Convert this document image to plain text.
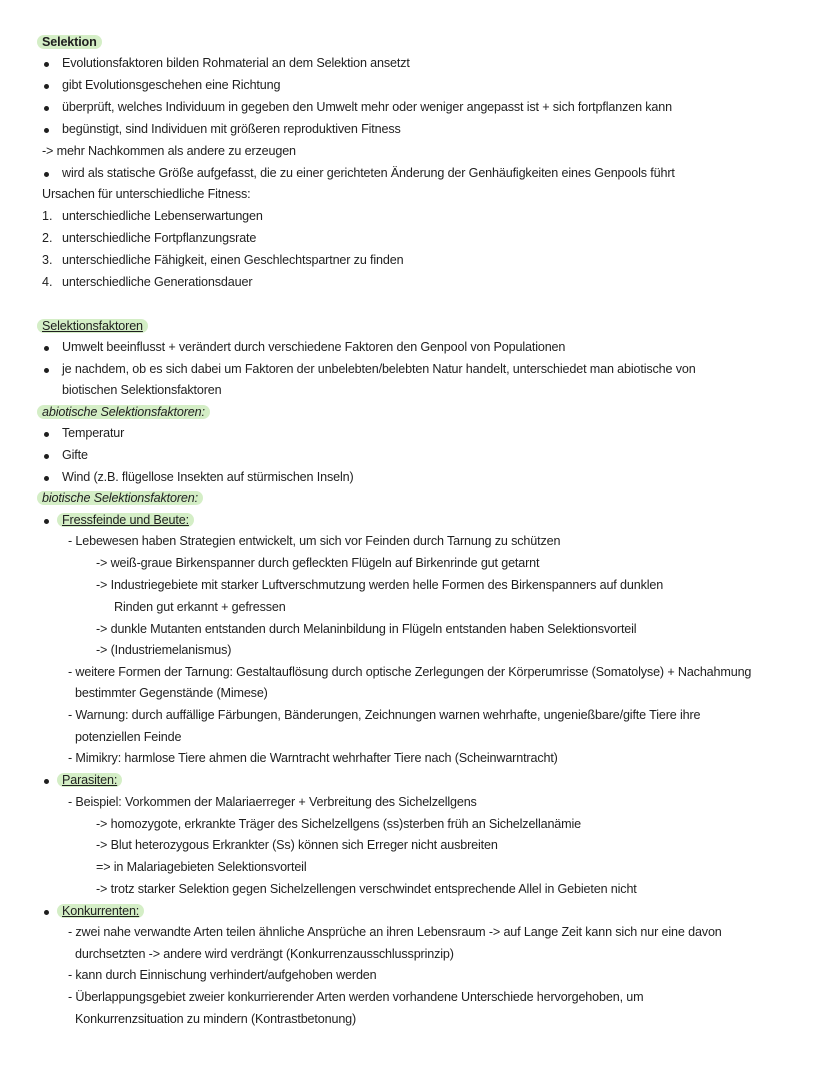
Selektion
Evolutionsfaktoren bilden Rohmaterial an dem Selektion ansetzt
gibt Evolutionsgeschehen eine Richtung
überprüft, welches Individuum in gegeben den Umwelt mehr oder weniger angepasst ist + sich fortpflanzen kann
begünstigt, sind Individuen mit größeren reproduktiven Fitness
-> mehr Nachkommen als andere zu erzeugen
wird als statische Größe aufgefasst, die zu einer gerichteten Änderung der Genhäufigkeiten eines Genpools führt
Ursachen für unterschiedliche Fitness:
1. unterschiedliche Lebenserwartungen
2. unterschiedliche Fortpflanzungsrate
3. unterschiedliche Fähigkeit, einen Geschlechtspartner zu finden
4. unterschiedliche Generationsdauer
Selektionsfaktoren
Umwelt beeinflusst + verändert durch verschiedene Faktoren den Genpool von Populationen
je nachdem, ob es sich dabei um Faktoren der unbelebten/belebten Natur handelt, unterschiedet man abiotische von
biotischen Selektionsfaktoren
abiotische Selektionsfaktoren:
Temperatur
Gifte
Wind (z.B. flügellose Insekten auf stürmischen Inseln)
biotische Selektionsfaktoren:
Fressfeinde und Beute:
- Lebewesen haben Strategien entwickelt, um sich vor Feinden durch Tarnung zu schützen
-> weiß-graue Birkenspanner durch gefleckten Flügeln auf Birkenrinde gut getarnt
-> Industriegebiete mit starker Luftverschmutzung werden helle Formen des Birkenspanners auf dunklen
Rinden gut erkannt + gefressen
-> dunkle Mutanten entstanden durch Melaninbildung in Flügeln entstanden haben Selektionsvorteil
-> (Industriemelanismus)
- weitere Formen der Tarnung: Gestaltauflösung durch optische Zerlegungen der Körperumrisse (Somatolyse) + Nachahmung
bestimmter Gegenstände (Mimese)
- Warnung: durch auffällige Färbungen, Bänderungen, Zeichnungen warnen wehrhafte, ungenießbare/gifte Tiere ihre
potenziellen Feinde
- Mimikry: harmlose Tiere ahmen die Warntracht wehrhafter Tiere nach (Scheinwarntracht)
Parasiten:
- Beispiel: Vorkommen der Malariaerreger + Verbreitung des Sichelzellgens
-> homozygote, erkrankte Träger des Sichelzellgens (ss)sterben früh an Sichelzellanämie
-> Blut heterozygous Erkrankter (Ss) können sich Erreger nicht ausbreiten
=> in Malariagebieten Selektionsvorteil
-> trotz starker Selektion gegen Sichelzellengen verschwindet entsprechende Allel in Gebieten nicht
Konkurrenten:
- zwei nahe verwandte Arten teilen ähnliche Ansprüche an ihren Lebensraum -> auf Lange Zeit kann sich nur eine davon
durchsetzten -> andere wird verdrängt (Konkurrenzausschlussprinzip)
- kann durch Einnischung verhindert/aufgehoben werden
- Überlappungsgebiet zweier konkurrierender Arten werden vorhandene Unterschiede hervorgehoben, um
Konkurrenzsituation zu mindern (Kontrastbetonung)
